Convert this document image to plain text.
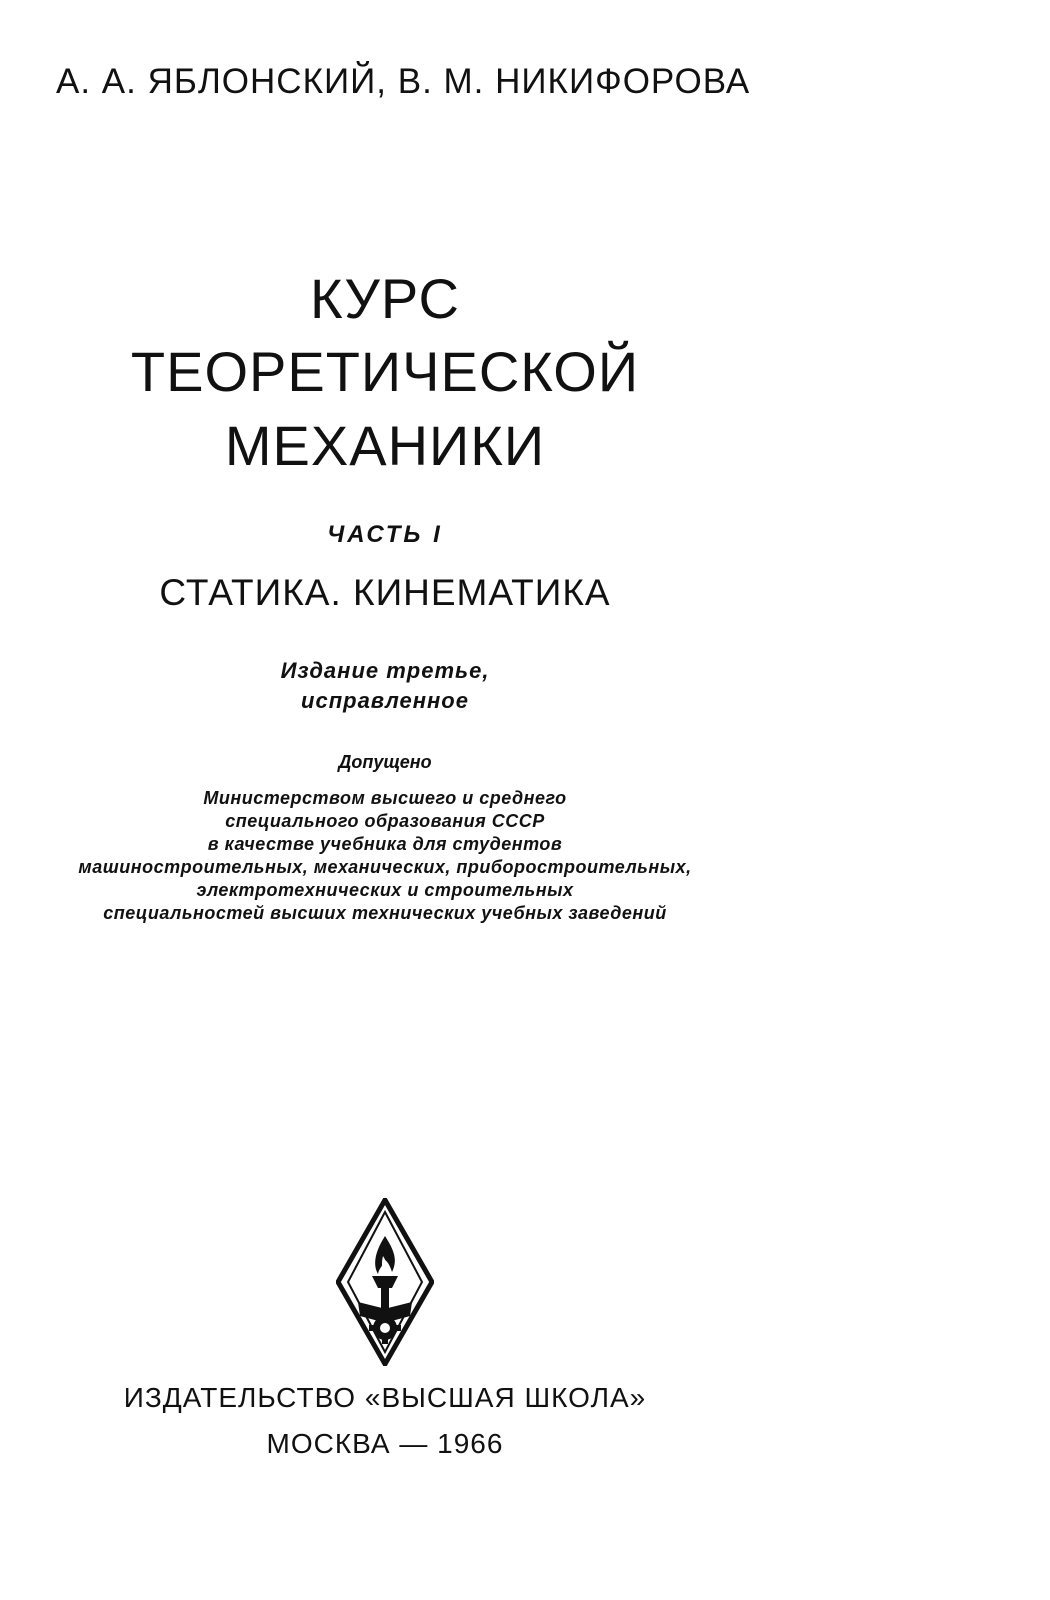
А. А. ЯБЛОНСКИЙ, В. М. НИКИФОРОВА
КУРС
ТЕОРЕТИЧЕСКОЙ
МЕХАНИКИ
ЧАСТЬ I
СТАТИКА. КИНЕМАТИКА
Издание третье,
исправленное
Допущено
Министерством высшего и среднего
специального образования СССР
в качестве учебника для студентов
машиностроительных, механических, приборостроительных,
электротехнических и строительных
специальностей высших технических учебных заведений
ИЗДАТЕЛЬСТВО «ВЫСШАЯ ШКОЛА»
МОСКВА — 1966
